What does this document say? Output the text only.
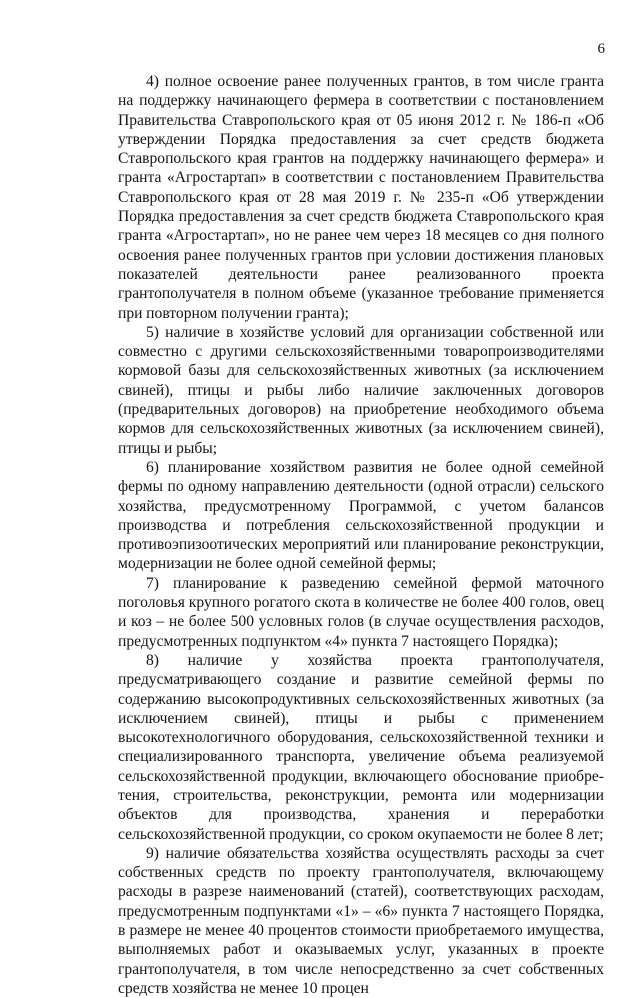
6

4) полное освоение ранее полученных грантов, в том числе гранта на поддержку начинающего фермера в соответствии с постановлением Правительства Ставропольского края от 05 июня 2012 г. № 186-п «Об утверждении Порядка предоставления за счет средств бюджета Ставропольского края грантов на поддержку начинающего фермера» и гранта «Агростартап» в соответствии с постановлением Правительства Ставропольского края от 28 мая 2019 г. № 235-п «Об утверждении Порядка предоставления за счет средств бюджета Ставропольского края гранта «Агростартап», но не ранее чем через 18 месяцев со дня полного освоения ранее полученных грантов при условии достижения плановых показателей деятельности ранее реализованного проекта грантополучателя в полном объеме (указанное требование применяется при повторном получении гранта);

5) наличие в хозяйстве условий для организации собственной или совместно с другими сельскохозяйственными товаропроизводителями кормовой базы для сельскохозяйственных животных (за исключением свиней), птицы и рыбы либо наличие заключенных договоров (предварительных договоров) на приобретение необходимого объема кормов для сельскохозяйственных животных (за исключением свиней), птицы и рыбы;

6) планирование хозяйством развития не более одной семейной фермы по одному направлению деятельности (одной отрасли) сельского хозяйства, предусмотренному Программой, с учетом балансов производства и потребления сельскохозяйственной продукции и противоэпизоотических мероприятий или планирование реконструкции, модернизации не более одной семейной фермы;

7) планирование к разведению семейной фермой маточного поголовья крупного рогатого скота в количестве не более 400 голов, овец и коз – не более 500 условных голов (в случае осуществления расходов, предусмотренных подпунктом «4» пункта 7 настоящего Порядка);

8) наличие у хозяйства проекта грантополучателя, предусматривающего создание и развитие семейной фермы по содержанию высокопродуктивных сельскохозяйственных животных (за исключением свиней), птицы и рыбы с применением высокотехнологичного оборудования, сельскохозяйственной техники и специализированного транспорта, увеличение объема реализуемой сельскохозяйственной продукции, включающего обоснование приобретения, строительства, реконструкции, ремонта или модернизации объектов для производства, хранения и переработки сельскохозяйственной продукции, со сроком окупаемости не более 8 лет;

9) наличие обязательства хозяйства осуществлять расходы за счет собственных средств по проекту грантополучателя, включающему расходы в разрезе наименований (статей), соответствующих расходам, предусмотренным подпунктами «1» – «6» пункта 7 настоящего Порядка, в размере не менее 40 процентов стоимости приобретаемого имущества, выполняемых работ и оказываемых услуг, указанных в проекте грантополучателя, в том числе непосредственно за счет собственных средств хозяйства не менее 10 процен
